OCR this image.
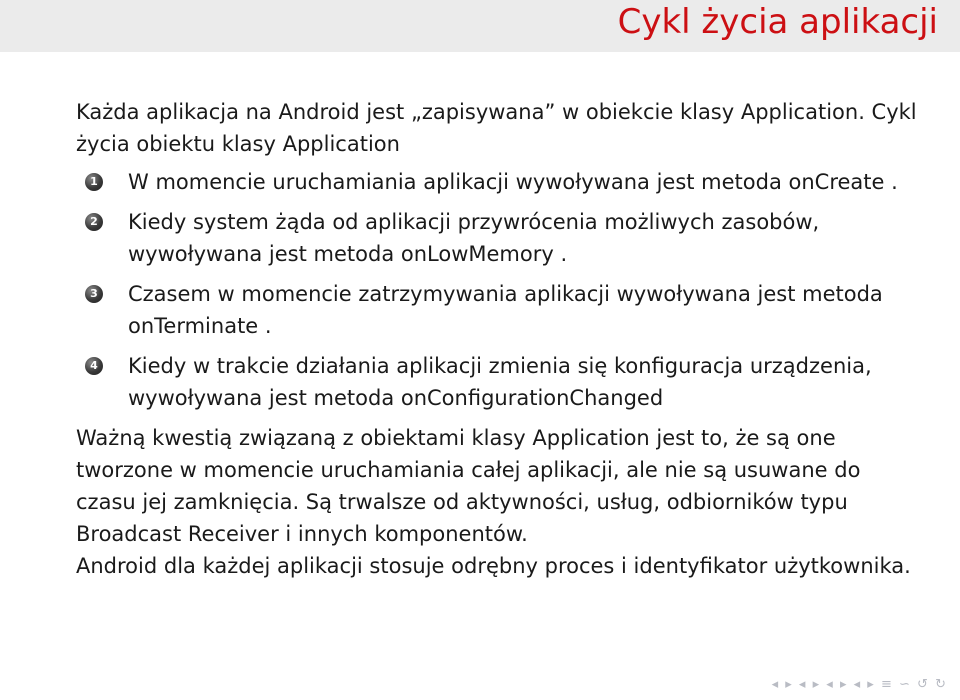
Cykl życia aplikacji

Każda aplikacja na Android jest „zapisywana” w obiekcie klasy Application. Cykl życia obiektu klasy Application

1 W momencie uruchamiania aplikacji wywoływana jest metoda onCreate .
2 Kiedy system żąda od aplikacji przywrócenia możliwych zasobów, wywoływana jest metoda onLowMemory .
3 Czasem w momencie zatrzymywania aplikacji wywoływana jest metoda onTerminate .
4 Kiedy w trakcie działania aplikacji zmienia się konfiguracja urządzenia, wywoływana jest metoda onConfigurationChanged

Ważną kwestią związaną z obiektami klasy Application jest to, że są one tworzone w momencie uruchamiania całej aplikacji, ale nie są usuwane do czasu jej zamknięcia. Są trwalsze od aktywności, usług, odbiorników typu Broadcast Receiver i innych komponentów.

Android dla każdej aplikacji stosuje odrębny proces i identyfikator użytkownika.

◂ ▸ ◂ ▸ ◂ ▸ ◂ ▸ ≡ ∽ ↺ ↻
